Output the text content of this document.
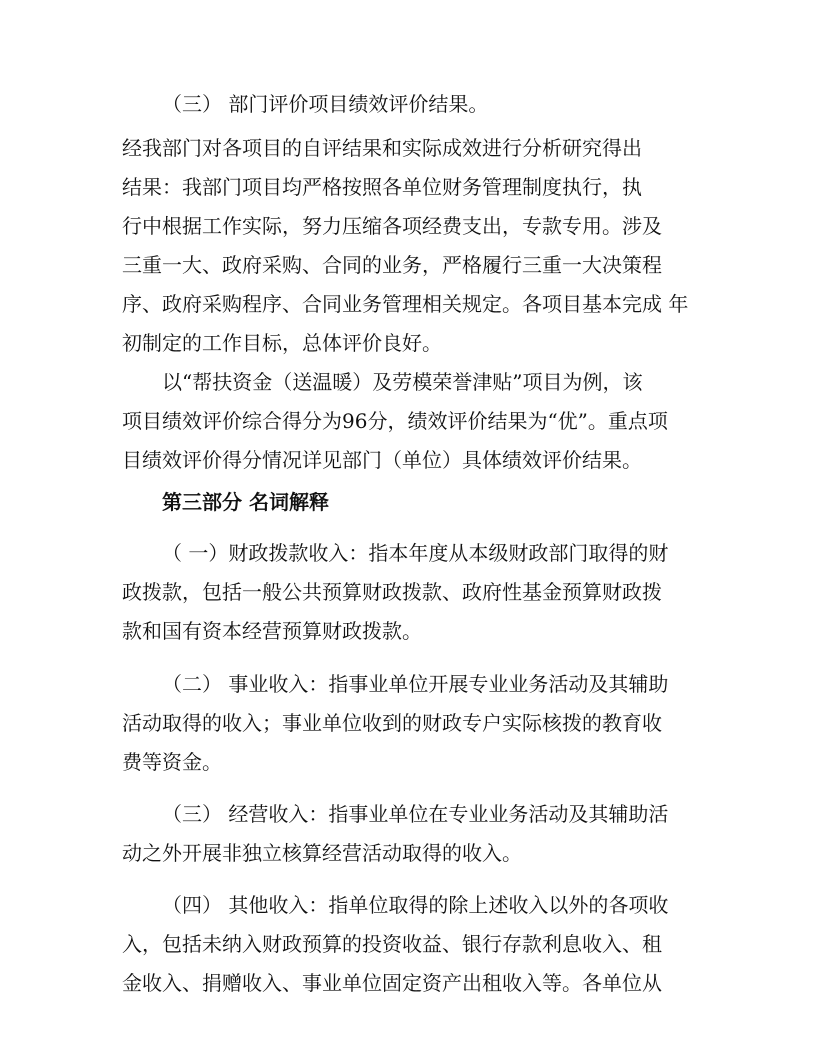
（三） 部门评价项目绩效评价结果。
经我部门对各项目的自评结果和实际成效进行分析研究得出
结果：我部门项目均严格按照各单位财务管理制度执行，执
行中根据工作实际，努力压缩各项经费支出，专款专用。涉及
三重一大、政府采购、合同的业务，严格履行三重一大决策程
序、政府采购程序、合同业务管理相关规定。各项目基本完成 年
初制定的工作目标，总体评价良好。
以“帮扶资金（送温暖）及劳模荣誉津贴”项目为例，该
项目绩效评价综合得分为96分，绩效评价结果为“优”。重点项
目绩效评价得分情况详见部门（单位）具体绩效评价结果。
第三部分 名词解释
（ 一）财政拨款收入：指本年度从本级财政部门取得的财
政拨款，包括一般公共预算财政拨款、政府性基金预算财政拨
款和国有资本经营预算财政拨款。
（二） 事业收入：指事业单位开展专业业务活动及其辅助
活动取得的收入；事业单位收到的财政专户实际核拨的教育收
费等资金。
（三） 经营收入：指事业单位在专业业务活动及其辅助活
动之外开展非独立核算经营活动取得的收入。
（四） 其他收入：指单位取得的除上述收入以外的各项收
入，包括未纳入财政预算的投资收益、银行存款利息收入、租
金收入、捐赠收入、事业单位固定资产出租收入等。各单位从
